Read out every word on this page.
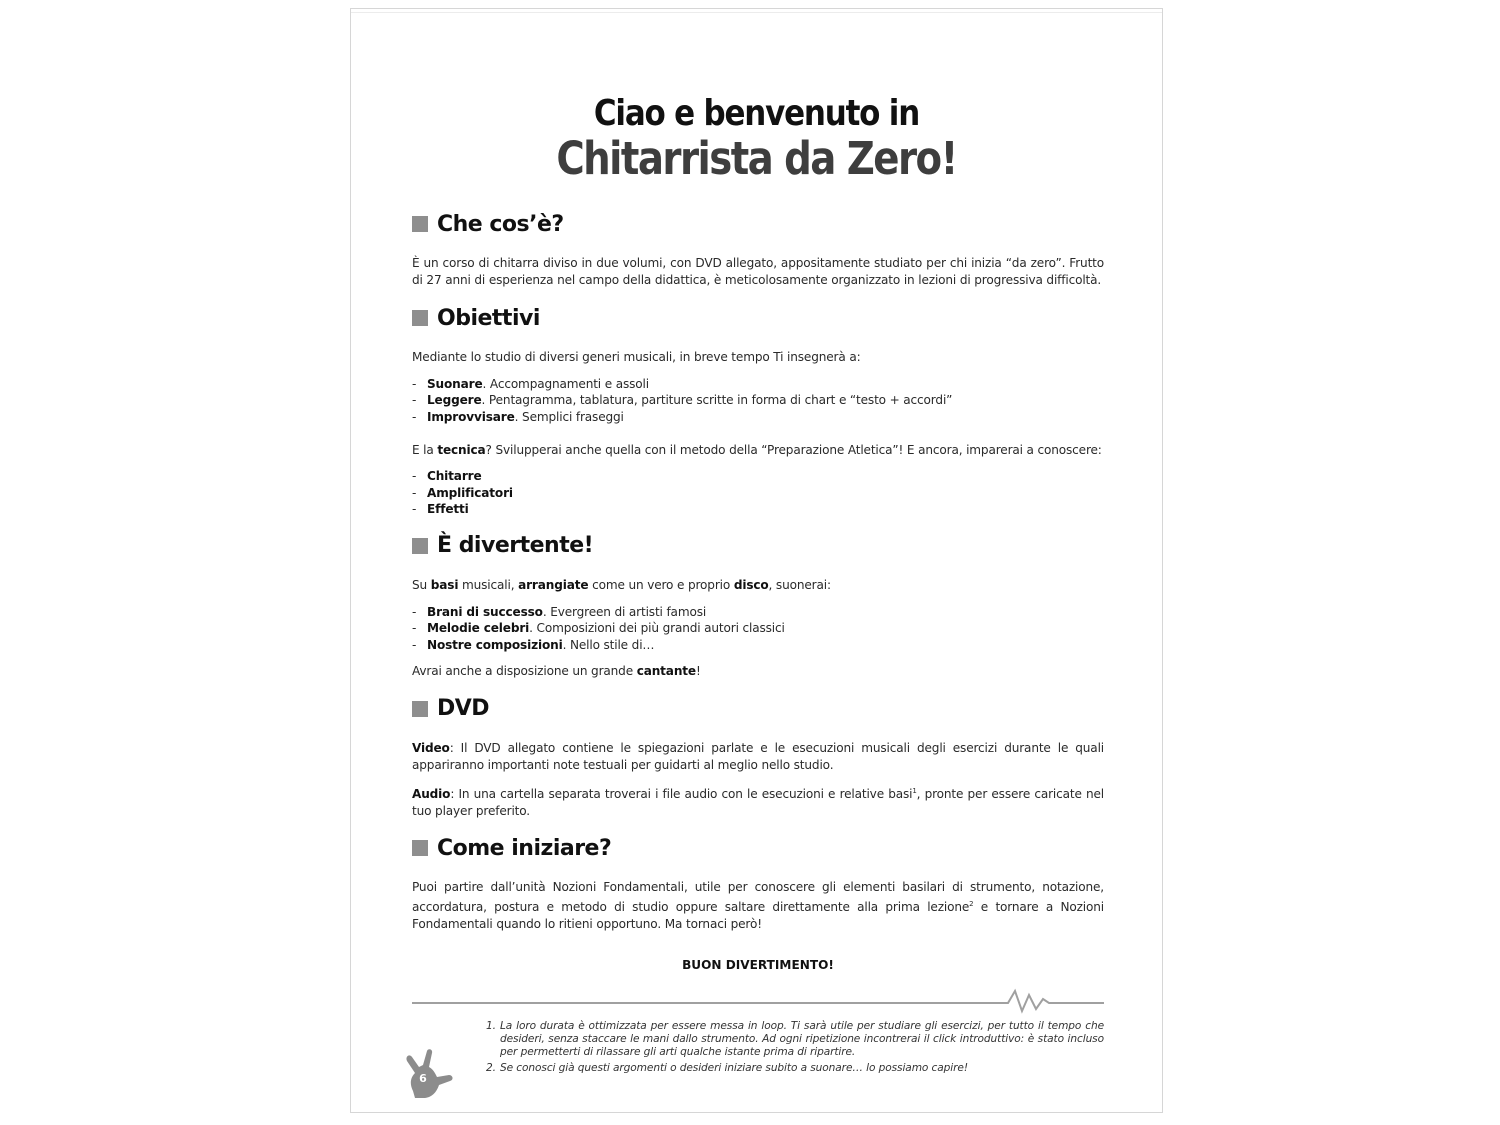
Ciao e benvenuto in
Chitarrista da Zero!
Che cos’è?

È un corso di chitarra diviso in due volumi, con DVD allegato, appositamente studiato per chi inizia “da zero”. Frutto di 27 anni di esperienza nel campo della didattica, è meticolosamente organizzato in lezioni di progressiva difficoltà.

Obiettivi

Mediante lo studio di diversi generi musicali, in breve tempo Ti insegnerà a:

- Suonare. Accompagnamenti e assoli
- Leggere. Pentagramma, tablatura, partiture scritte in forma di chart e “testo + accordi”
- Improvvisare. Semplici fraseggi

E la tecnica? Svilupperai anche quella con il metodo della “Preparazione Atletica”! E ancora, imparerai a conoscere:

- Chitarre
- Amplificatori
- Effetti
È divertente!

Su basi musicali, arrangiate come un vero e proprio disco, suonerai:

- Brani di successo. Evergreen di artisti famosi
- Melodie celebri. Composizioni dei più grandi autori classici
- Nostre composizioni. Nello stile di…

Avrai anche a disposizione un grande cantante!

DVD

Video: Il DVD allegato contiene le spiegazioni parlate e le esecuzioni musicali degli esercizi durante le quali appariranno importanti note testuali per guidarti al meglio nello studio.

Audio: In una cartella separata troverai i file audio con le esecuzioni e relative basi$^1$, pronte per essere caricate nel tuo player preferito.

Come iniziare?

Puoi partire dall’unità Nozioni Fondamentali, utile per conoscere gli elementi basilari di strumento, notazione, accordatura, postura e metodo di studio oppure saltare direttamente alla prima lezione$^2$ e tornare a Nozioni Fondamentali quando lo ritieni opportuno. Ma tornaci però!

BUON DIVERTIMENTO!
1. La loro durata è ottimizzata per essere messa in loop. Ti sarà utile per studiare gli esercizi, per tutto il tempo che desideri, senza staccare le mani dallo strumento. Ad ogni ripetizione incontrerai il click introduttivo: è stato incluso per permetterti di rilassare gli arti qualche istante prima di ripartire.
2. Se conosci già questi argomenti o desideri iniziare subito a suonare… lo possiamo capire!
6
